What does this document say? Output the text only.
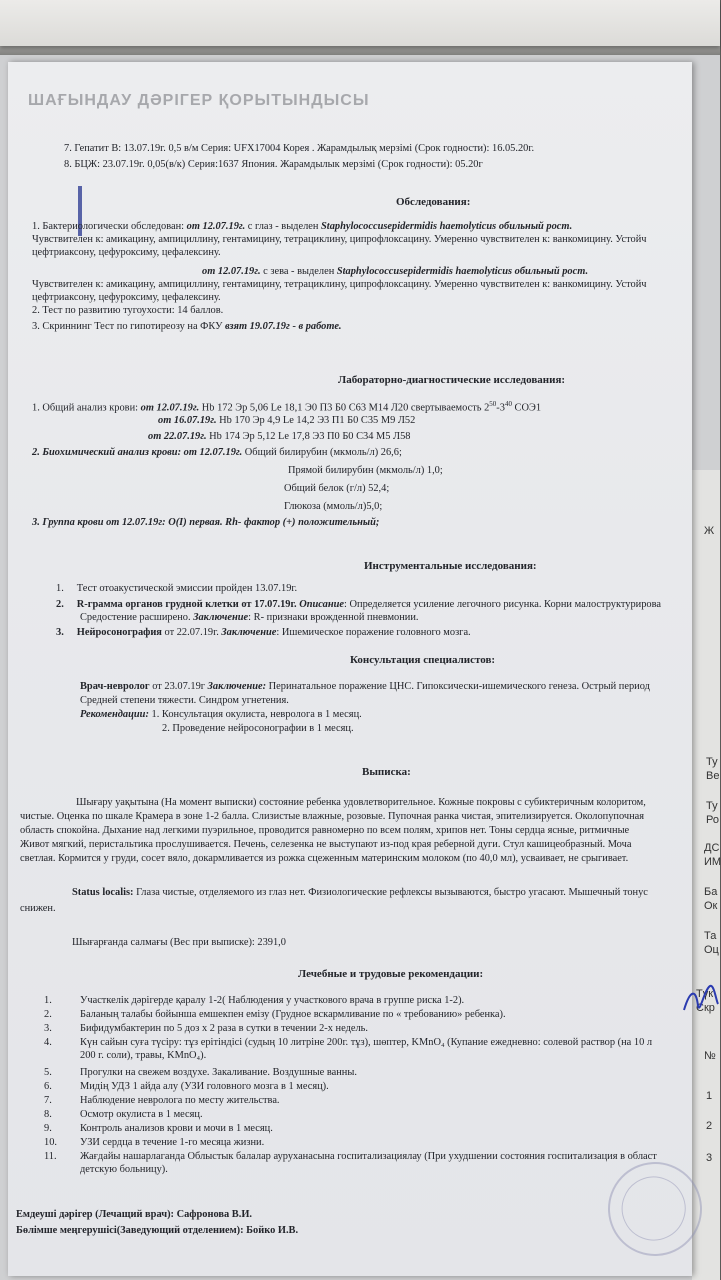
Ж
Ту
Ве
Ту
Ро
ДС
ИМ
Ба
Ок
Та
Оц
Түк
Скр
№
1
2
3
ШАҒЫНДАУ ДӘРІГЕР ҚОРЫТЫНДЫСЫ
7. Гепатит В: 13.07.19г. 0,5 в/м Серия: UFX17004 Корея . Жарамдылық мерзімі (Срок годности): 16.05.20г.
8. БЦЖ: 23.07.19г. 0,05(в/к) Серия:1637 Япония. Жарамдылык мерзімі (Срок годности): 05.20г
Обследования:
1. Бактериологически обследован: от 12.07.19г. с глаз - выделен Staphylococcusepidermidis haemolyticus обильный рост.
Чувствителен к: амикацину, ампициллину, гентамицину, тетрациклину, ципрофлоксацину. Умеренно чувствителен к: ванкомицину. Устойч
цефтриаксону, цефуроксиму, цефалексину.
от 12.07.19г. с зева - выделен Staphylococcusepidermidis haemolyticus обильный рост.
Чувствителен к: амикацину, ампициллину, гентамицину, тетрациклину, ципрофлоксацину. Умеренно чувствителен к: ванкомицину. Устойч
цефтриаксону, цефуроксиму, цефалексину.
2. Тест по развитию тугоухости: 14 баллов.
3. Скриннинг Тест по гипотиреозу на ФКУ взят 19.07.19г - в работе.
Лабораторно-диагностические исследования:
1. Общий анализ крови: от 12.07.19г. Hb 172 Эр 5,06 Le 18,1 Э0 П3 Б0 С63 М14 Л20 свертываемость $2^{50}-3^{40}$ СОЭ1
от 16.07.19г. Hb 170 Эр 4,9 Le 14,2 Э3 П1 Б0 С35 М9 Л52
от 22.07.19г. Hb 174 Эр 5,12 Le 17,8 Э3 П0 Б0 С34 М5 Л58
2. Биохимический анализ крови: от 12.07.19г. Общий билирубин (мкмоль/л) 26,6;
Прямой билирубин (мкмоль/л) 1,0;
Общий белок (г/л) 52,4;
Глюкоза (ммоль/л)5,0;
3. Группа крови от 12.07.19г: O(I) первая. Rh- фактор (+) положительный;
Инструментальные исследования:
1. Тест отоакустической эмиссии пройден 13.07.19г.
2. R-грамма органов грудной клетки от 17.07.19г. Описание: Определяется усиление легочного рисунка. Корни малоструктурирова
Средостение расширено. Заключение: R- признаки врожденной пневмонии.
3. Нейросонография от 22.07.19г. Заключение: Ишемическое поражение головного мозга.
Консультация специалистов:
Врач-невролог от 23.07.19г Заключение: Перинатальное поражение ЦНС. Гипоксически-ишемического генеза. Острый период
Средней степени тяжести. Синдром угнетения.
Рекомендации: 1. Консультация окулиста, невролога в 1 месяц.
2. Проведение нейросонографии в 1 месяц.
Выписка:
Шығару уақытына (На момент выписки) состояние ребенка удовлетворительное. Кожные покровы с субиктеричным колоритом,
чистые. Оценка по шкале Крамера в зоне 1-2 балла. Слизистые влажные, розовые. Пупочная ранка чистая, эпителизируется. Околопупочная
область спокойна. Дыхание над легкими пуэрильное, проводится равномерно по всем полям, хрипов нет. Тоны сердца ясные, ритмичные
Живот мягкий, перистальтика прослушивается. Печень, селезенка не выступают из-под края реберной дуги. Стул кашицеобразный. Моча
светлая. Кормится у груди, сосет вяло, докармливается из рожка сцеженным материнским молоком (по 40,0 мл), усваивает, не срыгивает.
Status localis: Глаза чистые, отделяемого из глаз нет. Физиологические рефлексы вызываются, быстро угасают. Мышечный тонус
снижен.
Шығарғанда салмағы (Вес при выписке): 2391,0
Лечебные и трудовые рекомендации:
1.	Участкелік дәрігерде қаралу 1-2( Наблюдения у участкового врача в группе риска 1-2).
2.	Баланың талабы бойынша емшекпен емізу (Грудное вскармливание по « требованию» ребенка).
3.	Бифидумбактерин по 5 доз х 2 раза в сутки в течении 2-х недель.
4.	Күн сайын суға түсіру: тұз ерітіндісі (судың 10 литріне 200г. тұз), шөптер, KMnO₄ (Купание ежедневно: солевой раствор (на 10 л
200 г. соли), травы, KMnO₄).
5.	Прогулки на свежем воздухе. Закаливание. Воздушные ванны.
6.	Мидің УДЗ 1 айда алу (УЗИ головного мозга в 1 месяц).
7.	Наблюдение невролога по месту жительства.
8.	Осмотр окулиста в 1 месяц.
9.	Контроль анализов крови и мочи в 1 месяц.
10. УЗИ сердца в течение 1-го месяца жизни.
11. Жағдайы нашарлаганда Облыстык балалар ауруханасына госпитализациялау (При ухудшении состояния госпитализация в област
детскую больницу).
Емдеуші дәрігер (Лечащий врач): Сафронова В.И.
Бөлімше меңгерушісі(Заведующий отделением): Бойко И.В.
